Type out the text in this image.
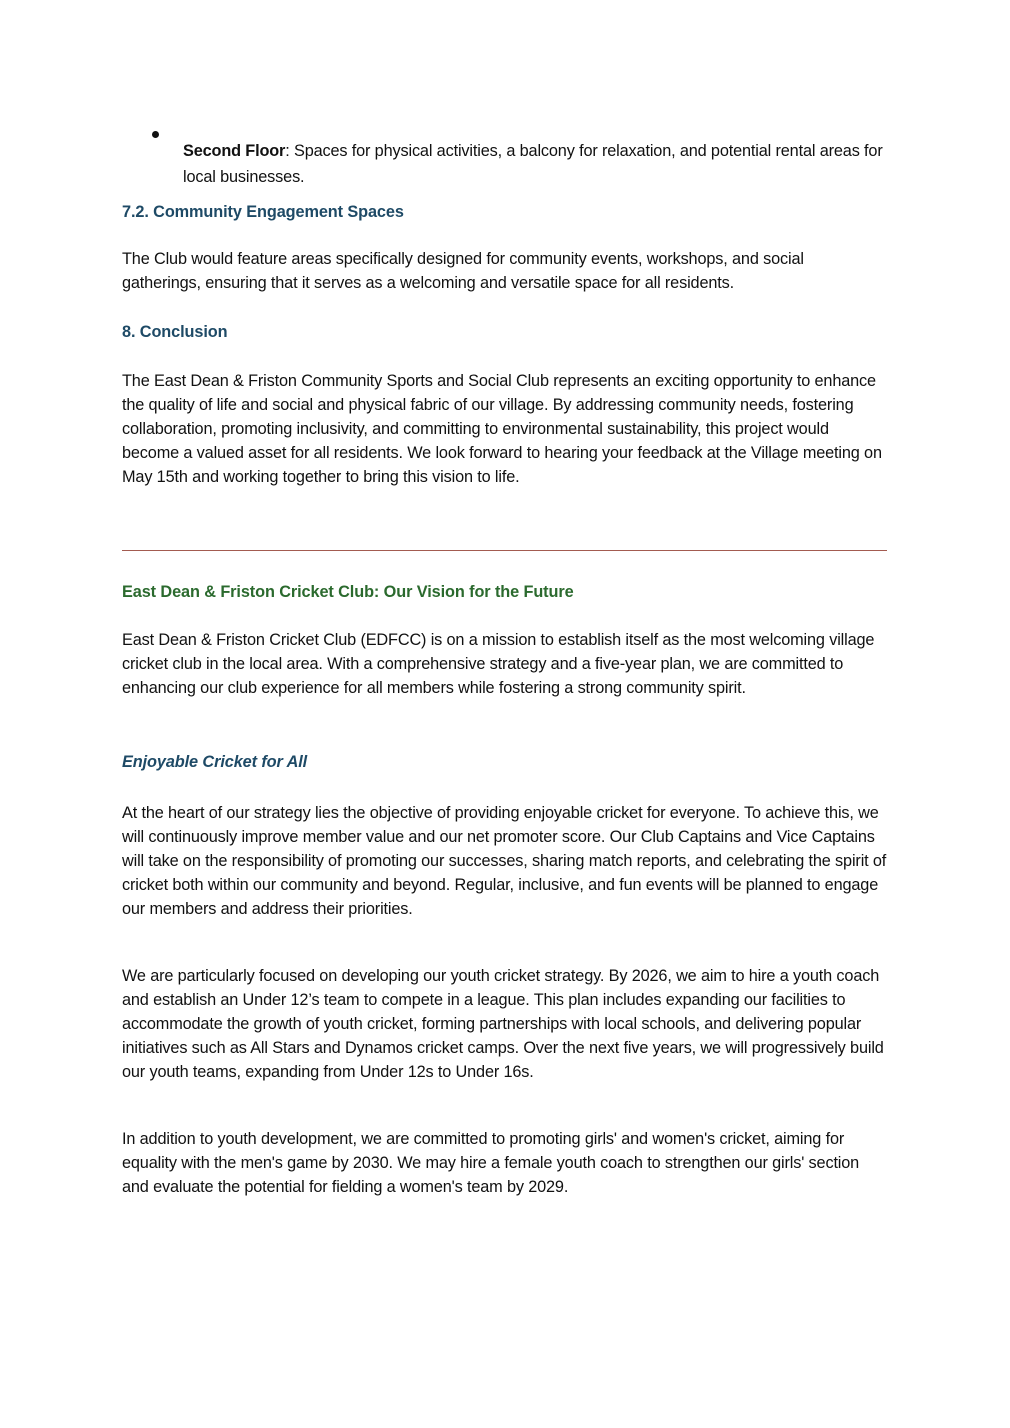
Second Floor: Spaces for physical activities, a balcony for relaxation, and potential rental areas for local businesses.

7.2. Community Engagement Spaces

The Club would feature areas specifically designed for community events, workshops, and social gatherings, ensuring that it serves as a welcoming and versatile space for all residents.

8. Conclusion

The East Dean & Friston Community Sports and Social Club represents an exciting opportunity to enhance the quality of life and social and physical fabric of our village. By addressing community needs, fostering collaboration, promoting inclusivity, and committing to environmental sustainability, this project would become a valued asset for all residents. We look forward to hearing your feedback at the Village meeting on May 15th and working together to bring this vision to life.

East Dean & Friston Cricket Club: Our Vision for the Future

East Dean & Friston Cricket Club (EDFCC) is on a mission to establish itself as the most welcoming village cricket club in the local area. With a comprehensive strategy and a five-year plan, we are committed to enhancing our club experience for all members while fostering a strong community spirit.

Enjoyable Cricket for All

At the heart of our strategy lies the objective of providing enjoyable cricket for everyone. To achieve this, we will continuously improve member value and our net promoter score. Our Club Captains and Vice Captains will take on the responsibility of promoting our successes, sharing match reports, and celebrating the spirit of cricket both within our community and beyond. Regular, inclusive, and fun events will be planned to engage our members and address their priorities.

We are particularly focused on developing our youth cricket strategy. By 2026, we aim to hire a youth coach and establish an Under 12’s team to compete in a league. This plan includes expanding our facilities to accommodate the growth of youth cricket, forming partnerships with local schools, and delivering popular initiatives such as All Stars and Dynamos cricket camps. Over the next five years, we will progressively build our youth teams, expanding from Under 12s to Under 16s.

In addition to youth development, we are committed to promoting girls' and women's cricket, aiming for equality with the men's game by 2030. We may hire a female youth coach to strengthen our girls' section and evaluate the potential for fielding a women's team by 2029.
